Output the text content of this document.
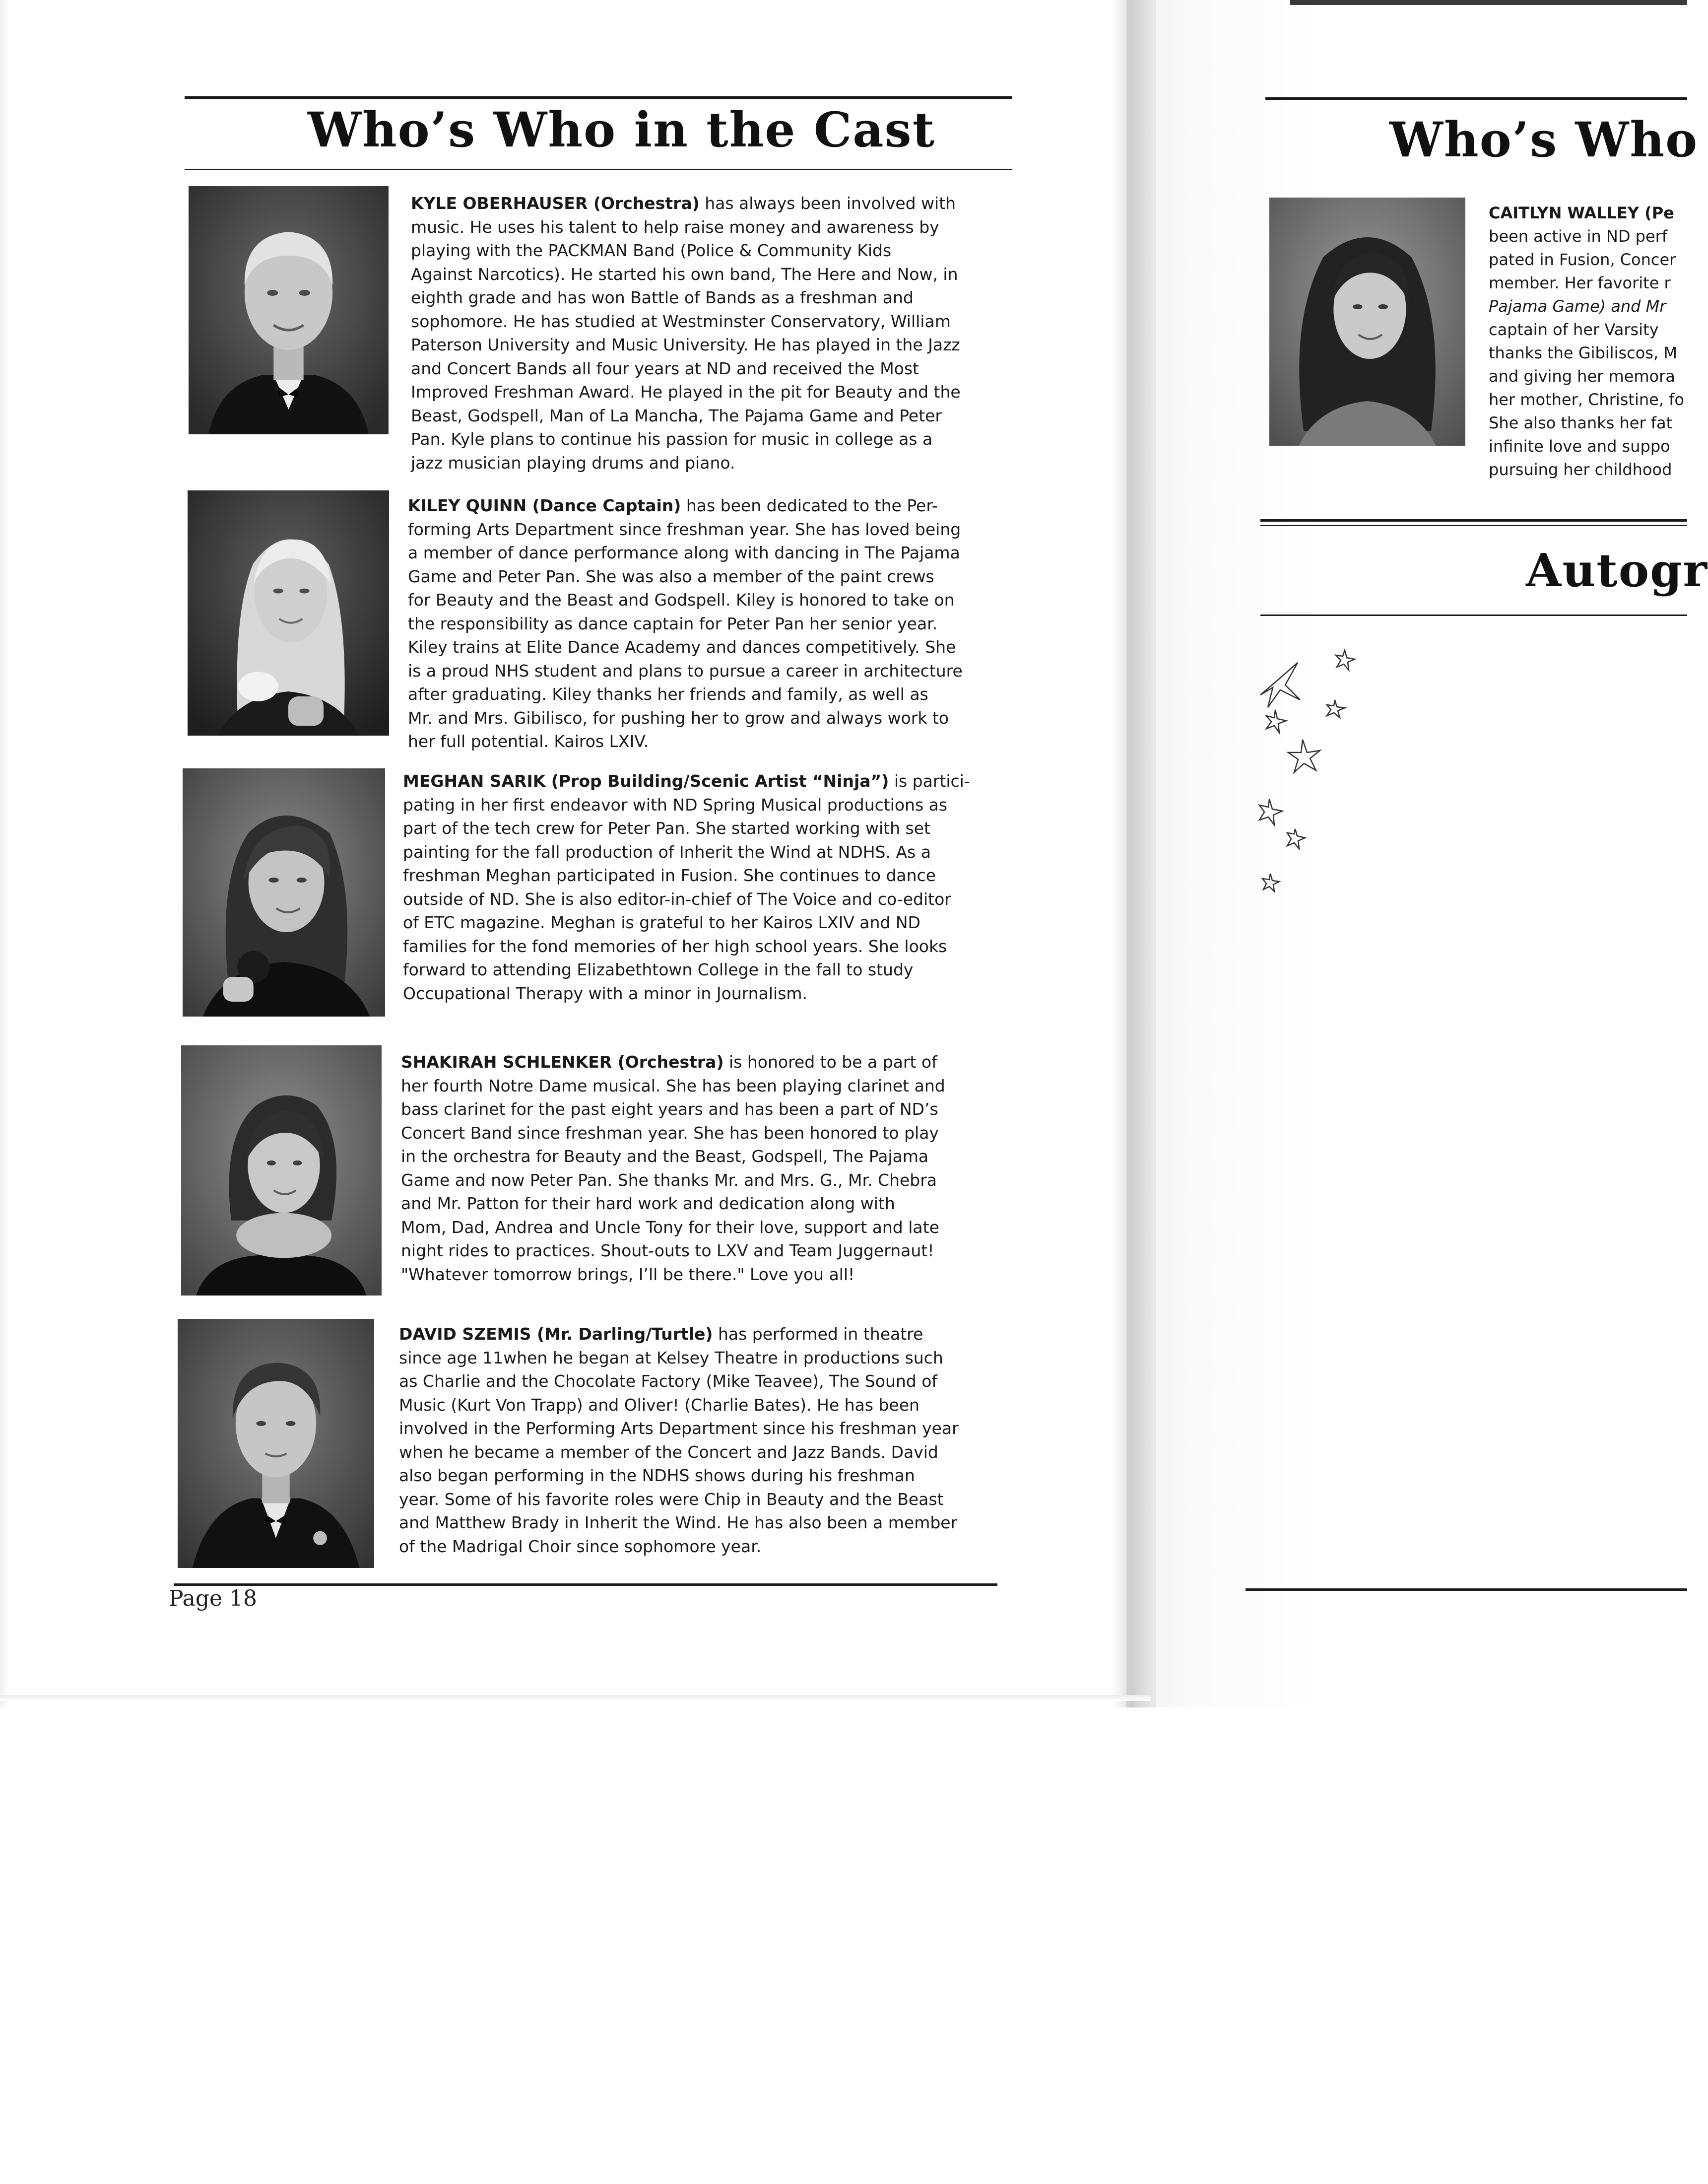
Who’s Who in the Cast
KYLE OBERHAUSER (Orchestra) has always been involved with
music. He uses his talent to help raise money and awareness by
playing with the PACKMAN Band (Police & Community Kids
Against Narcotics). He started his own band, The Here and Now, in
eighth grade and has won Battle of Bands as a freshman and
sophomore. He has studied at Westminster Conservatory, William
Paterson University and Music University. He has played in the Jazz
and Concert Bands all four years at ND and received the Most
Improved Freshman Award. He played in the pit for Beauty and the
Beast, Godspell, Man of La Mancha, The Pajama Game and Peter
Pan. Kyle plans to continue his passion for music in college as a
jazz musician playing drums and piano.
KILEY QUINN (Dance Captain) has been dedicated to the Per-
forming Arts Department since freshman year. She has loved being
a member of dance performance along with dancing in The Pajama
Game and Peter Pan. She was also a member of the paint crews
for Beauty and the Beast and Godspell. Kiley is honored to take on
the responsibility as dance captain for Peter Pan her senior year.
Kiley trains at Elite Dance Academy and dances competitively. She
is a proud NHS student and plans to pursue a career in architecture
after graduating. Kiley thanks her friends and family, as well as
Mr. and Mrs. Gibilisco, for pushing her to grow and always work to
her full potential. Kairos LXIV.
MEGHAN SARIK (Prop Building/Scenic Artist “Ninja”) is partici-
pating in her first endeavor with ND Spring Musical productions as
part of the tech crew for Peter Pan. She started working with set
painting for the fall production of Inherit the Wind at NDHS. As a
freshman Meghan participated in Fusion. She continues to dance
outside of ND. She is also editor-in-chief of The Voice and co-editor
of ETC magazine. Meghan is grateful to her Kairos LXIV and ND
families for the fond memories of her high school years. She looks
forward to attending Elizabethtown College in the fall to study
Occupational Therapy with a minor in Journalism.
SHAKIRAH SCHLENKER (Orchestra) is honored to be a part of
her fourth Notre Dame musical. She has been playing clarinet and
bass clarinet for the past eight years and has been a part of ND’s
Concert Band since freshman year. She has been honored to play
in the orchestra for Beauty and the Beast, Godspell, The Pajama
Game and now Peter Pan. She thanks Mr. and Mrs. G., Mr. Chebra
and Mr. Patton for their hard work and dedication along with
Mom, Dad, Andrea and Uncle Tony for their love, support and late
night rides to practices. Shout-outs to LXV and Team Juggernaut!
"Whatever tomorrow brings, I’ll be there." Love you all!
DAVID SZEMIS (Mr. Darling/Turtle) has performed in theatre
since age 11when he began at Kelsey Theatre in productions such
as Charlie and the Chocolate Factory (Mike Teavee), The Sound of
Music (Kurt Von Trapp) and Oliver! (Charlie Bates). He has been
involved in the Performing Arts Department since his freshman year
when he became a member of the Concert and Jazz Bands. David
also began performing in the NDHS shows during his freshman
year. Some of his favorite roles were Chip in Beauty and the Beast
and Matthew Brady in Inherit the Wind. He has also been a member
of the Madrigal Choir since sophomore year.
Page 18
Who’s Who
CAITLYN WALLEY (Pe
been active in ND perf
pated in Fusion, Concer
member. Her favorite r
Pajama Game) and Mr
captain of her Varsity
thanks the Gibiliscos, M
and giving her memora
her mother, Christine, fo
She also thanks her fat
infinite love and suppo
pursuing her childhood
Autogr
